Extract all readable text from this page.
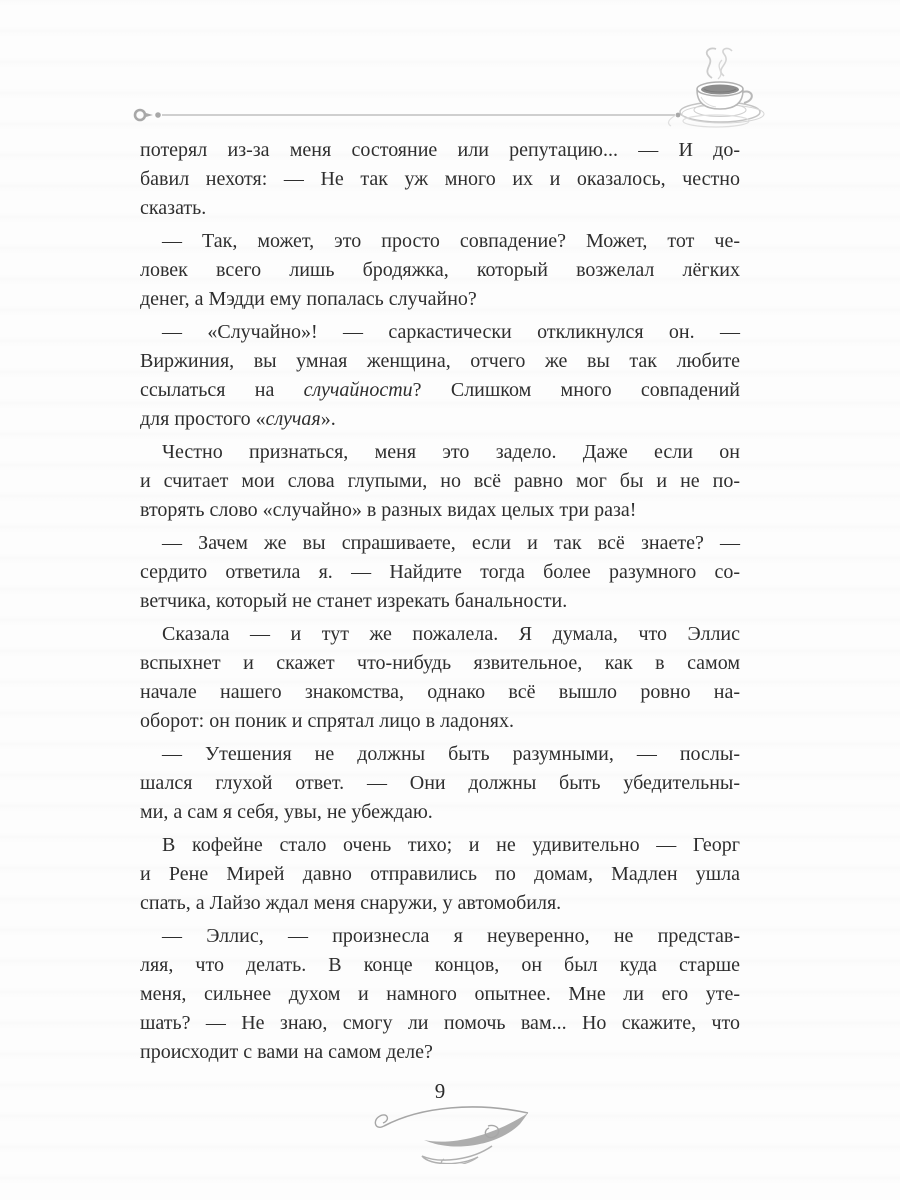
потерял из-за меня состояние или репутацию... — И до-
бавил нехотя: — Не так уж много их и оказалось, честно
сказать.

— Так, может, это просто совпадение? Может, тот че-
ловек всего лишь бродяжка, который возжелал лёгких
денег, а Мэдди ему попалась случайно?

— «Случайно»! — саркастически откликнулся он. —
Виржиния, вы умная женщина, отчего же вы так любите
ссылаться на случайности? Слишком много совпадений
для простого «случая».

Честно признаться, меня это задело. Даже если он
и считает мои слова глупыми, но всё равно мог бы и не по-
вторять слово «случайно» в разных видах целых три раза!

— Зачем же вы спрашиваете, если и так всё знаете? —
сердито ответила я. — Найдите тогда более разумного со-
ветчика, который не станет изрекать банальности.

Сказала — и тут же пожалела. Я думала, что Эллис
вспыхнет и скажет что-нибудь язвительное, как в самом
начале нашего знакомства, однако всё вышло ровно на-
оборот: он поник и спрятал лицо в ладонях.

— Утешения не должны быть разумными, — послы-
шался глухой ответ. — Они должны быть убедительны-
ми, а сам я себя, увы, не убеждаю.

В кофейне стало очень тихо; и не удивительно — Георг
и Рене Мирей давно отправились по домам, Мадлен ушла
спать, а Лайзо ждал меня снаружи, у автомобиля.

— Эллис, — произнесла я неуверенно, не представ-
ляя, что делать. В конце концов, он был куда старше
меня, сильнее духом и намного опытнее. Мне ли его уте-
шать? — Не знаю, смогу ли помочь вам... Но скажите, что
происходит с вами на самом деле?

9
